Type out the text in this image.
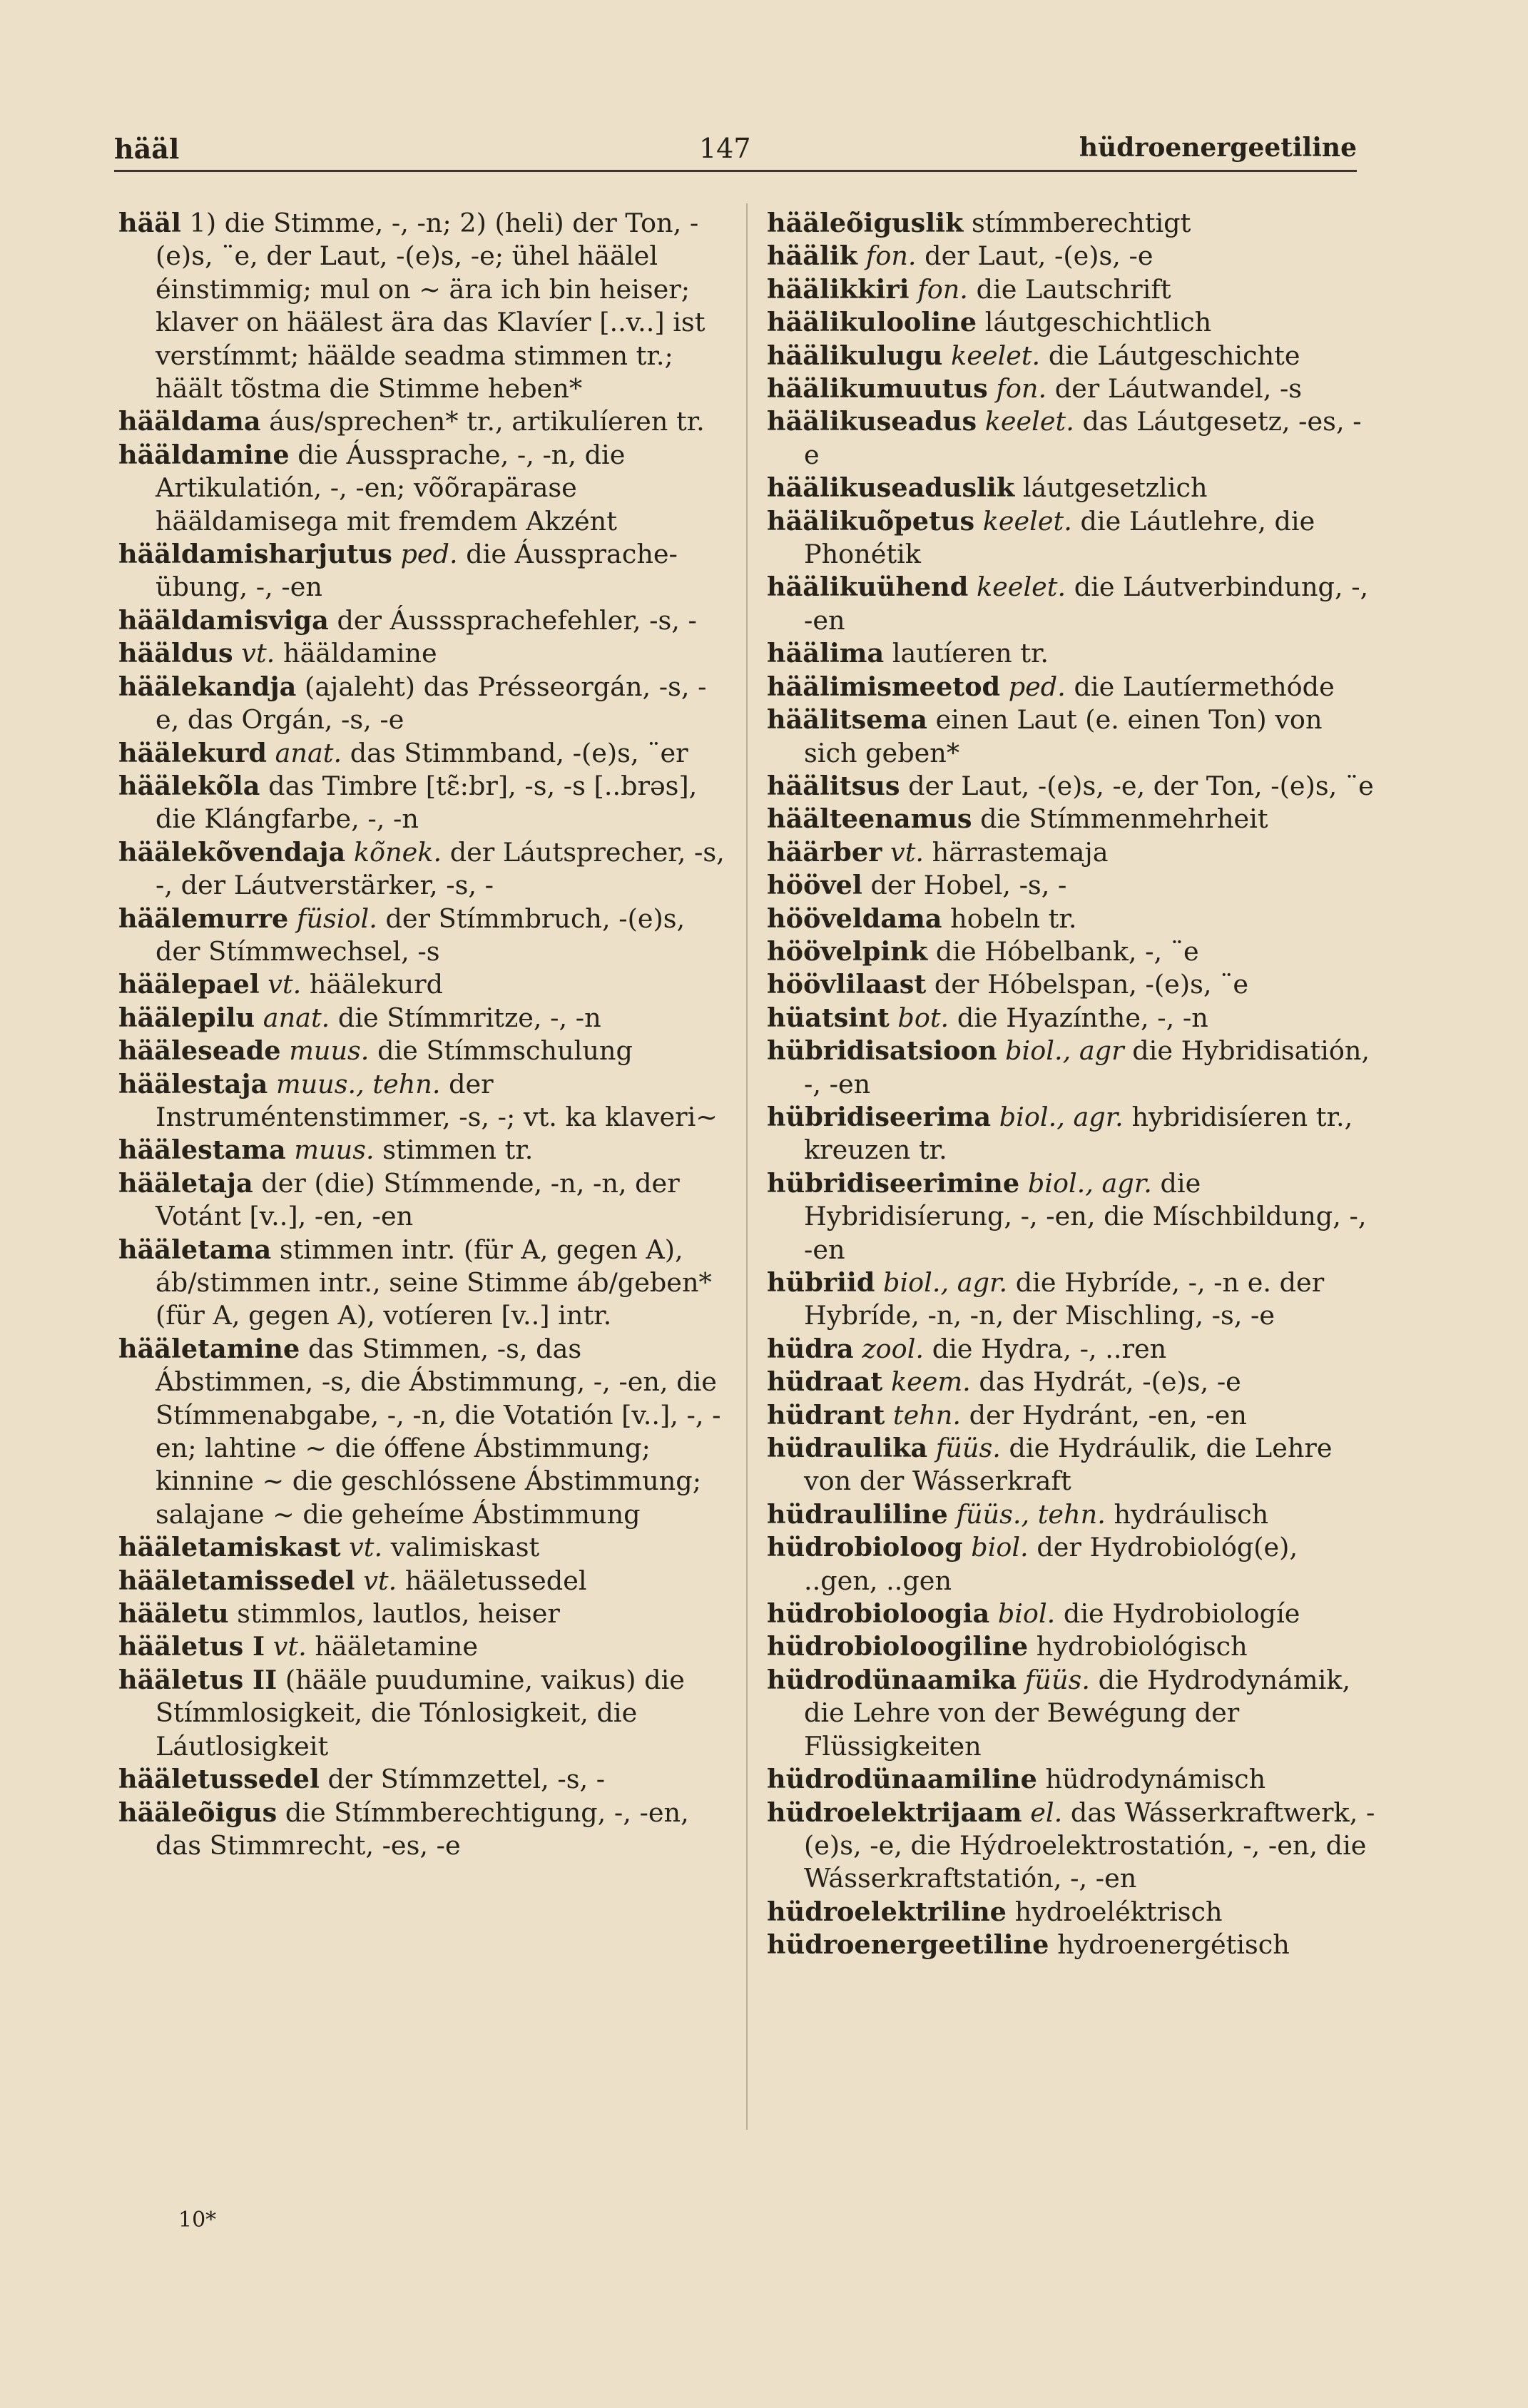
hääl	147	hüdroenergeetiline
hääl 1) die Stimme, -, -n; 2) (heli) der Ton, -(e)s, ¨e, der Laut, -(e)s, -e; ühel häälel éinstimmig; mul on ~ ära ich bin heiser; klaver on häälest ära das Klavíer [..v..] ist verstímmt; häälde seadma stimmen tr.; häält tõstma die Stimme heben*
hääldama áus/sprechen* tr., artikulíeren tr.
hääldamine die Áussprache, -, -n, die Artikulatión, -, -en; võõrapärase hääldamisega mit fremdem Akzént
hääldamisharjutus ped. die Áussprache-übung, -, -en
hääldamisviga der Áusssprachefehler, -s, -
hääldus vt. hääldamine
häälekandja (ajaleht) das Présseorgán, -s, -e, das Orgán, -s, -e
häälekurd anat. das Stimmband, -(e)s, ¨er
häälekõla das Timbre [tɛ̃:br], -s, -s [..brəs], die Klángfarbe, -, -n
häälekõvendaja kõnek. der Láutsprecher, -s, -, der Láutverstärker, -s, -
häälemurre füsiol. der Stímmbruch, -(e)s, der Stímmwechsel, -s
häälepael vt. häälekurd
häälepilu anat. die Stímmritze, -, -n
hääleseade muus. die Stímmschulung
häälestaja muus., tehn. der Instruméntenstimmer, -s, -; vt. ka klaveri~
häälestama muus. stimmen tr.
hääletaja der (die) Stímmende, -n, -n, der Votánt [v..], -en, -en
hääletama stimmen intr. (für A, gegen A), áb/stimmen intr., seine Stimme áb/geben* (für A, gegen A), votíeren [v..] intr.
hääletamine das Stimmen, -s, das Ábstimmen, -s, die Ábstimmung, -, -en, die Stímmenabgabe, -, -n, die Votatión [v..], -, -en; lahtine ~ die óffene Ábstimmung; kinnine ~ die geschlóssene Ábstimmung; salajane ~ die geheíme Ábstimmung
hääletamiskast vt. valimiskast
hääletamissedel vt. hääletussedel
hääletu stimmlos, lautlos, heiser
hääletus I vt. hääletamine
hääletus II (hääle puudumine, vaikus) die Stímmlosigkeit, die Tónlosigkeit, die Láutlosigkeit
hääletussedel der Stímmzettel, -s, -
hääleõigus die Stímmberechtigung, -, -en, das Stimmrecht, -es, -e
hääleõiguslik stímmberechtigt
häälik fon. der Laut, -(e)s, -e
häälikkiri fon. die Lautschrift
häälikulooline láutgeschichtlich
häälikulugu keelet. die Láutgeschichte
häälikumuutus fon. der Láutwandel, -s
häälikuseadus keelet. das Láutgesetz, -es, -e
häälikuseaduslik láutgesetzlich
häälikuõpetus keelet. die Láutlehre, die Phonétik
häälikuühend keelet. die Láutverbindung, -, -en
häälima lautíeren tr.
häälimismeetod ped. die Lautíermethóde
häälitsema einen Laut (e. einen Ton) von sich geben*
häälitsus der Laut, -(e)s, -e, der Ton, -(e)s, ¨e
häälteenamus die Stímmenmehrheit
häärber vt. härrastemaja
höövel der Hobel, -s, -
hööveldama hobeln tr.
höövelpink die Hóbelbank, -, ¨e
höövlilaast der Hóbelspan, -(e)s, ¨e
hüatsint bot. die Hyazínthe, -, -n
hübridisatsioon biol., agr die Hybridisatión, -, -en
hübridiseerima biol., agr. hybridisíeren tr., kreuzen tr.
hübridiseerimine biol., agr. die Hybridisíerung, -, -en, die Míschbildung, -, -en
hübriid biol., agr. die Hybríde, -, -n e. der Hybríde, -n, -n, der Mischling, -s, -e
hüdra zool. die Hydra, -, ..ren
hüdraat keem. das Hydrát, -(e)s, -e
hüdrant tehn. der Hydránt, -en, -en
hüdraulika füüs. die Hydráulik, die Lehre von der Wásserkraft
hüdrauliline füüs., tehn. hydráulisch
hüdrobioloog biol. der Hydrobiológ(e), ..gen, ..gen
hüdrobioloogia biol. die Hydrobiologíe
hüdrobioloogiline hydrobiológisch
hüdrodünaamika füüs. die Hydrodynámik, die Lehre von der Bewégung der Flüssigkeiten
hüdrodünaamiline hüdrodynámisch
hüdroelektrijaam el. das Wásserkraftwerk, -(e)s, -e, die Hýdroelektrostatión, -, -en, die Wásserkraftstatión, -, -en
hüdroelektriline hydroeléktrisch
hüdroenergeetiline hydroenergétisch
10*
